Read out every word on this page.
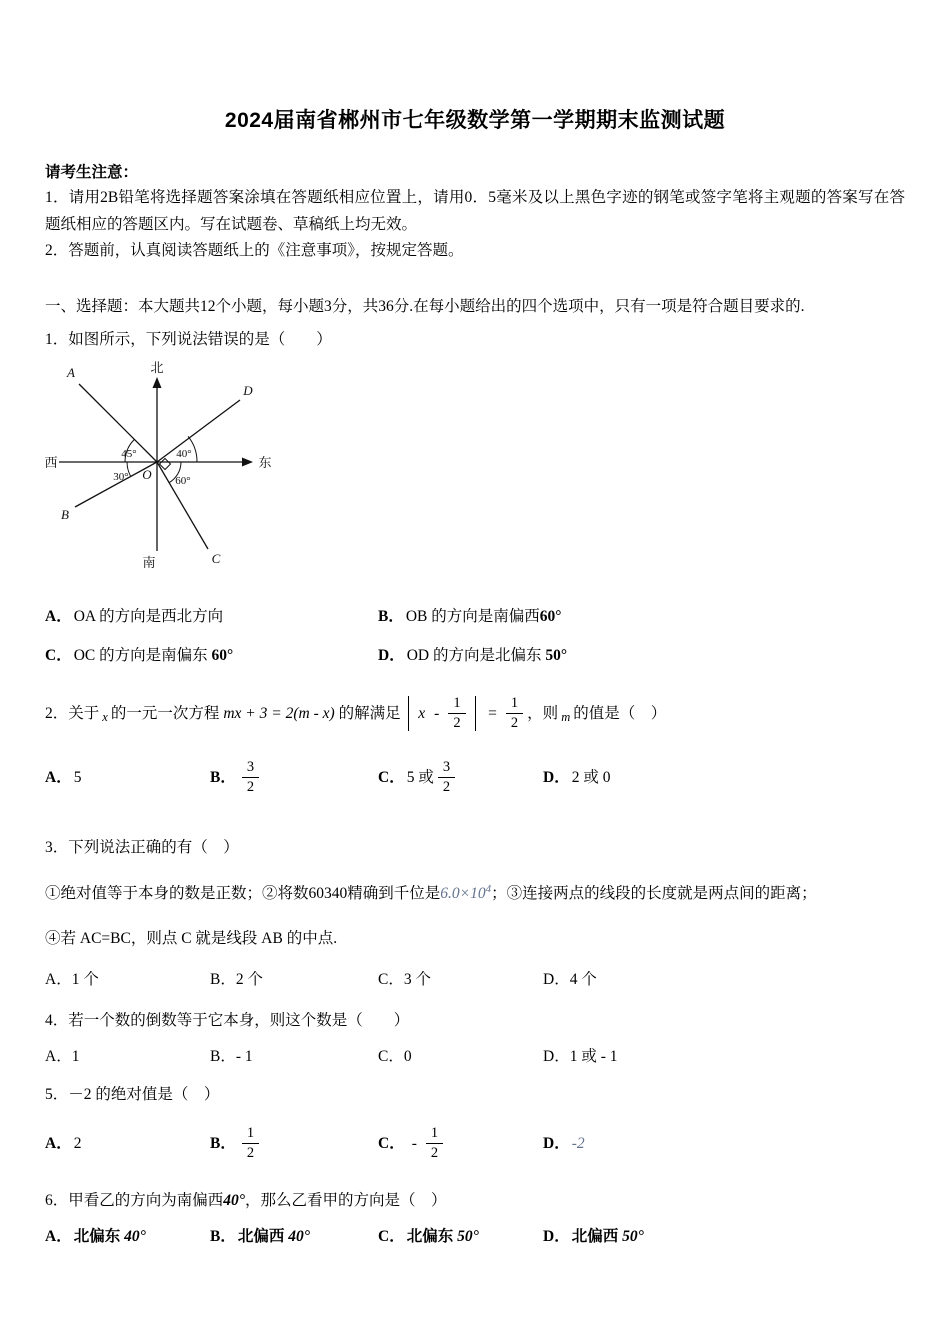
2024届南省郴州市七年级数学第一学期期末监测试题

请考生注意：

1．请用2B铅笔将选择题答案涂填在答题纸相应位置上，请用0．5毫米及以上黑色字迹的钢笔或签字笔将主观题的答案写在答题纸相应的答题区内。写在试题卷、草稿纸上均无效。

2．答题前，认真阅读答题纸上的《注意事项》，按规定答题。

一、选择题：本大题共12个小题，每小题3分，共36分.在每小题给出的四个选项中，只有一项是符合题目要求的.

1．如图所示，下列说法错误的是（　　）

北
南
西	东
A
D
B
C
O
45°	40°
30°	60°
A． OA 的方向是西北方向	B． OB 的方向是南偏西 60°
C． OC 的方向是南偏东 60°	D． OD 的方向是北偏东 50°
2．关于 x 的一元一次方程 mx + 3 = 2(m - x) 的解满足 $x - \frac{1}{2} = \frac{1}{2}$ ，则 m 的值是（　）
A． 5	B． $\frac{3}{2}$	C． 5 或 $\frac{3}{2}$	D． 2 或 0

3．下列说法正确的有（　）

①绝对值等于本身的数是正数；②将数60340精确到千位是$6.0\times 10^4$；③连接两点的线段的长度就是两点间的距离；

④若 AC=BC，则点 C 就是线段 AB 的中点.

A．1 个	B．2 个	C．3 个	D．4 个

4．若一个数的倒数等于它本身，则这个数是（　　）

A．1	B．- 1	C．0	D．1 或 - 1

5．－2 的绝对值是（　）

A． 2	B． $\frac{1}{2}$	C． - $\frac{1}{2}$	D． -2

6．甲看乙的方向为南偏西40°，那么乙看甲的方向是（　）

A． 北偏东 40°	B． 北偏西 40°	C． 北偏东 50°	D． 北偏西 50°
